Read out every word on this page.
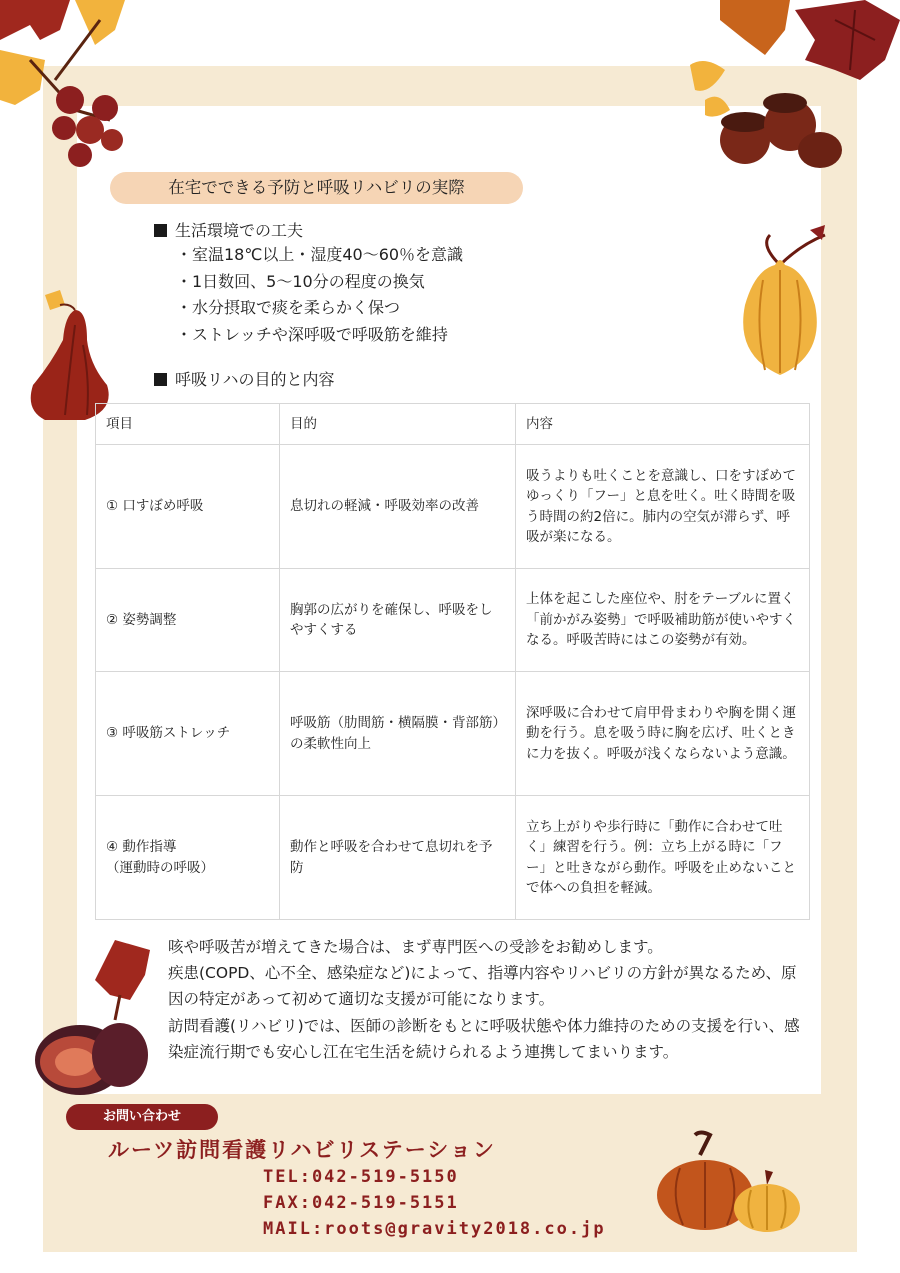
在宅でできる予防と呼吸リハビリの実際
生活環境での工夫
・室温18℃以上・湿度40〜60％を意識
・1日数回、5〜10分の程度の換気
・水分摂取で痰を柔らかく保つ
・ストレッチや深呼吸で呼吸筋を維持
呼吸リハの目的と内容
項目	目的	内容
① 口すぼめ呼吸	息切れの軽減・呼吸効率の改善	吸うよりも吐くことを意識し、口をすぼめてゆっくり「フー」と息を吐く。吐く時間を吸う時間の約2倍に。肺内の空気が滞らず、呼吸が楽になる。
② 姿勢調整	胸郭の広がりを確保し、呼吸をしやすくする	上体を起こした座位や、肘をテーブルに置く「前かがみ姿勢」で呼吸補助筋が使いやすくなる。呼吸苦時にはこの姿勢が有効。
③ 呼吸筋ストレッチ	呼吸筋（肋間筋・横隔膜・背部筋）の柔軟性向上	深呼吸に合わせて肩甲骨まわりや胸を開く運動を行う。息を吸う時に胸を広げ、吐くときに力を抜く。呼吸が浅くならないよう意識。
④ 動作指導
（運動時の呼吸）	動作と呼吸を合わせて息切れを予防	立ち上がりや歩行時に「動作に合わせて吐く」練習を行う。例：立ち上がる時に「フー」と吐きながら動作。呼吸を止めないことで体への負担を軽減。

咳や呼吸苦が増えてきた場合は、まず専門医への受診をお勧めします。

疾患(COPD、心不全、感染症など)によって、指導内容やリハビリの方針が異なるため、原因の特定があって初めて適切な支援が可能になります。

訪問看護(リハビリ)では、医師の診断をもとに呼吸状態や体力維持のための支援を行い、感染症流行期でも安心し江在宅生活を続けられるよう連携してまいります。

お問い合わせ
ルーツ訪問看護リハビリステーション
TEL:042-519-5150
FAX:042-519-5151
MAIL:roots@gravity2018.co.jp
